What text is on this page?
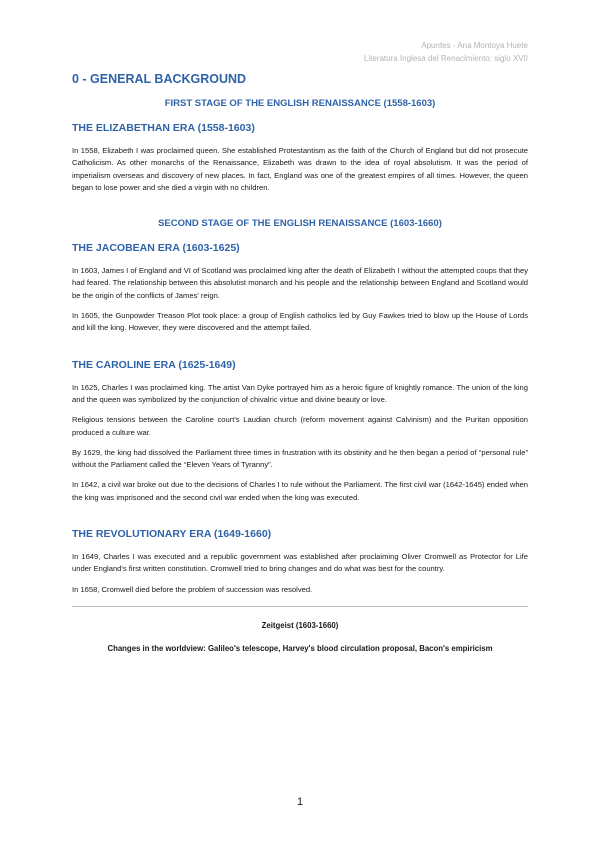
Apuntes - Ana Montoya Huete
Literatura Inglesa del Renacimiento: siglo XVII
0 - GENERAL BACKGROUND
FIRST STAGE OF THE ENGLISH RENAISSANCE (1558-1603)
THE ELIZABETHAN ERA (1558-1603)

In 1558, Elizabeth I was proclaimed queen. She established Protestantism as the faith of the Church of England but did not prosecute Catholicism. As other monarchs of the Renaissance, Elizabeth was drawn to the idea of royal absolutism. It was the period of imperialism overseas and discovery of new places. In fact, England was one of the greatest empires of all times. However, the queen began to lose power and she died a virgin with no children.

SECOND STAGE OF THE ENGLISH RENAISSANCE (1603-1660)
THE JACOBEAN ERA (1603-1625)

In 1603, James I of England and VI of Scotland was proclaimed king after the death of Elizabeth I without the attempted coups that they had feared. The relationship between this absolutist monarch and his people and the relationship between England and Scotland would be the origin of the conflicts of James' reign.

In 1605, the Gunpowder Treason Plot took place: a group of English catholics led by Guy Fawkes tried to blow up the House of Lords and kill the king. However, they were discovered and the attempt failed.

THE CAROLINE ERA (1625-1649)

In 1625, Charles I was proclaimed king. The artist Van Dyke portrayed him as a heroic figure of knightly romance. The union of the king and the queen was symbolized by the conjunction of chivalric virtue and divine beauty or love.

Religious tensions between the Caroline court's Laudian church (reform movement against Calvinism) and the Puritan opposition produced a culture war.

By 1629, the king had dissolved the Parliament three times in frustration with its obstinity and he then began a period of “personal rule” without the Parliament called the “Eleven Years of Tyranny”.

In 1642, a civil war broke out due to the decisions of Charles I to rule without the Parliament. The first civil war (1642-1645) ended when the king was imprisoned and the second civil war ended when the king was executed.

THE REVOLUTIONARY ERA (1649-1660)

In 1649, Charles I was executed and a republic government was established after proclaiming Oliver Cromwell as Protector for Life under England's first written constitution. Cromwell tried to bring changes and do what was best for the country.

In 1658, Cromwell died before the problem of succession was resolved.

Zeitgeist (1603-1660)

Changes in the worldview: Galileo's telescope, Harvey's blood circulation proposal, Bacon's empiricism

1
